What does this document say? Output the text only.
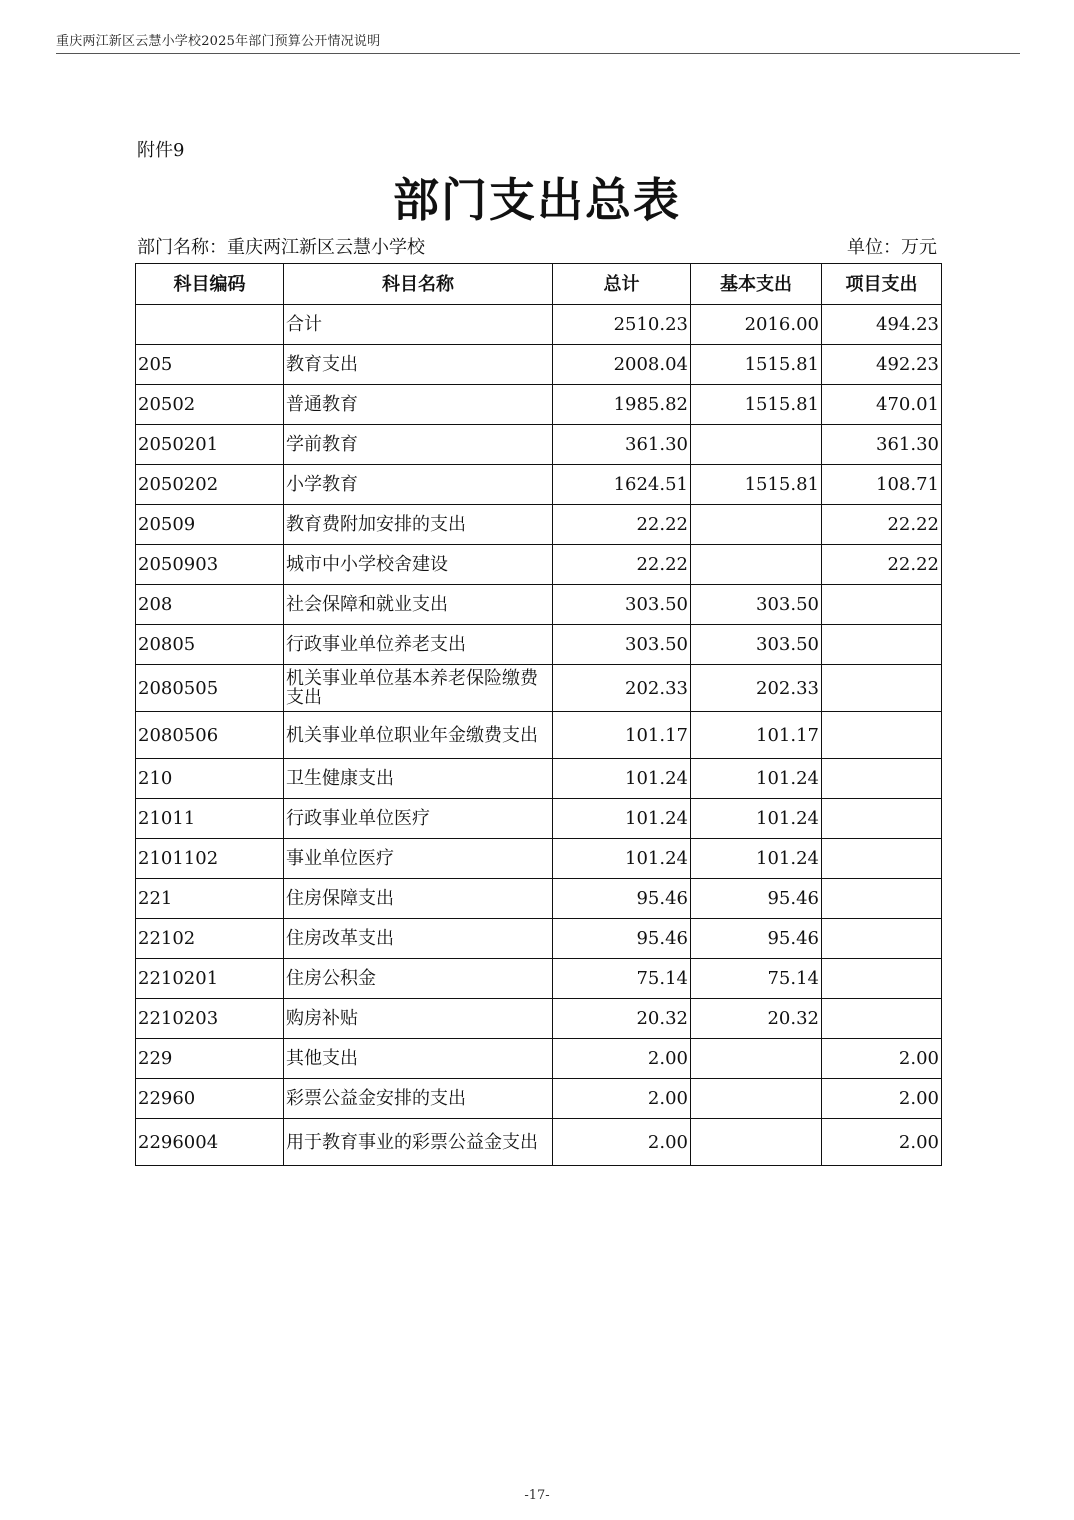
重庆两江新区云慧小学校2025年部门预算公开情况说明
附件9
部门支出总表
部门名称：重庆两江新区云慧小学校	单位：万元
科目编码	科目名称	总计	基本支出	项目支出
	合计	2510.23	2016.00	494.23
205	教育支出	2008.04	1515.81	492.23
20502	普通教育	1985.82	1515.81	470.01
2050201	学前教育	361.30		361.30
2050202	小学教育	1624.51	1515.81	108.71
20509	教育费附加安排的支出	22.22		22.22
2050903	城市中小学校舍建设	22.22		22.22
208	社会保障和就业支出	303.50	303.50	
20805	行政事业单位养老支出	303.50	303.50	
2080505	机关事业单位基本养老保险缴费支出	202.33	202.33	
2080506	机关事业单位职业年金缴费支出	101.17	101.17	
210	卫生健康支出	101.24	101.24	
21011	行政事业单位医疗	101.24	101.24	
2101102	事业单位医疗	101.24	101.24	
221	住房保障支出	95.46	95.46	
22102	住房改革支出	95.46	95.46	
2210201	住房公积金	75.14	75.14	
2210203	购房补贴	20.32	20.32	
229	其他支出	2.00		2.00
22960	彩票公益金安排的支出	2.00		2.00
2296004	用于教育事业的彩票公益金支出	2.00		2.00
-17-
